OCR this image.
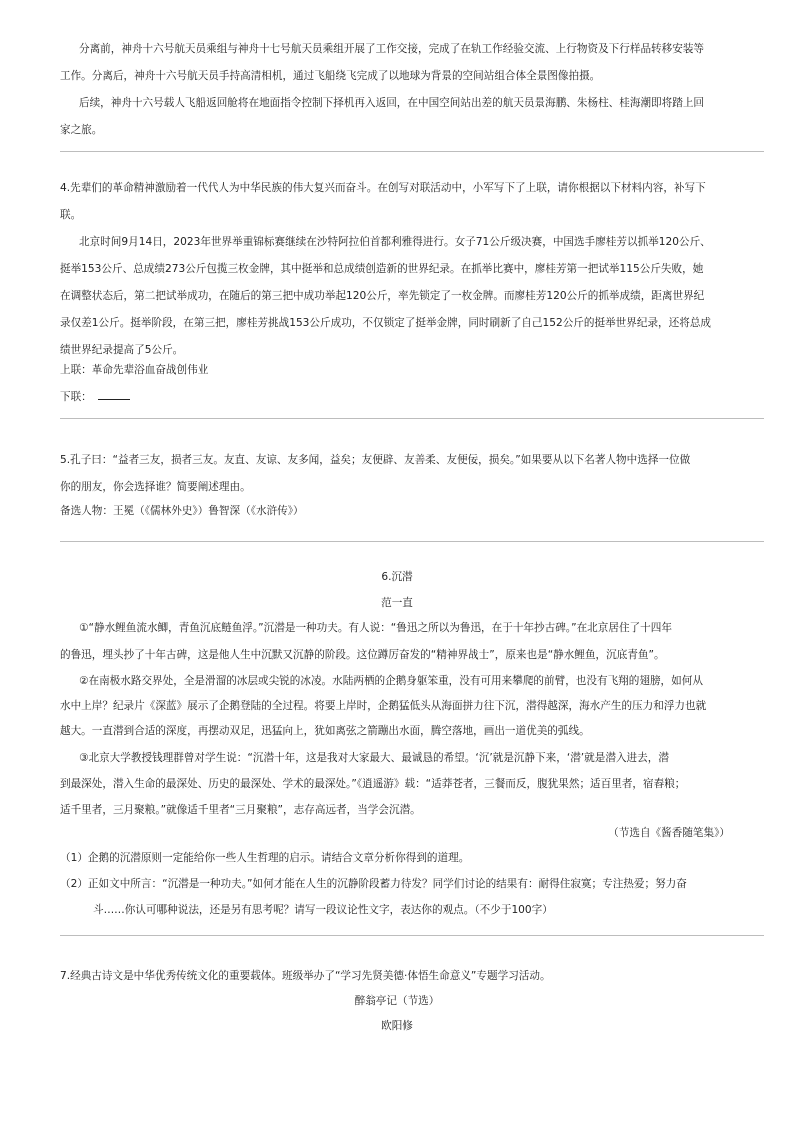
分离前，神舟十六号航天员乘组与神舟十七号航天员乘组开展了工作交接，完成了在轨工作经验交流、上行物资及下行样品转移安装等
工作。分离后，神舟十六号航天员手持高清相机，通过飞船绕飞完成了以地球为背景的空间站组合体全景图像拍摄。
后续，神舟十六号载人飞船返回舱将在地面指令控制下择机再入返回，在中国空间站出差的航天员景海鹏、朱杨柱、桂海潮即将踏上回
家之旅。
4.先辈们的革命精神激励着一代代人为中华民族的伟大复兴而奋斗。在创写对联活动中，小军写下了上联，请你根据以下材料内容，补写下
联。
北京时间9月14日，2023年世界举重锦标赛继续在沙特阿拉伯首都利雅得进行。女子71公斤级决赛，中国选手廖桂芳以抓举120公斤、
挺举153公斤、总成绩273公斤包揽三枚金牌，其中挺举和总成绩创造新的世界纪录。在抓举比赛中，廖桂芳第一把试举115公斤失败，她
在调整状态后，第二把试举成功，在随后的第三把中成功举起120公斤，率先锁定了一枚金牌。而廖桂芳120公斤的抓举成绩，距离世界纪
录仅差1公斤。挺举阶段，在第三把，廖桂芳挑战153公斤成功，不仅锁定了挺举金牌，同时刷新了自己152公斤的挺举世界纪录，还将总成
绩世界纪录提高了5公斤。
上联：革命先辈浴血奋战创伟业
下联：
5.孔子曰：“益者三友，损者三友。友直、友谅、友多闻，益矣；友便辟、友善柔、友便佞，损矣。”如果要从以下名著人物中选择一位做
你的朋友，你会选择谁？简要阐述理由。
备选人物：王冕（《儒林外史》）鲁智深（《水浒传》）
6.沉潜
范一直
①“静水鲤鱼流水鲫，青鱼沉底鲢鱼浮。”沉潜是一种功夫。有人说：“鲁迅之所以为鲁迅，在于十年抄古碑。”在北京居住了十四年
的鲁迅，埋头抄了十年古碑，这是他人生中沉默又沉静的阶段。这位蹲厉奋发的“精神界战士”，原来也是“静水鲤鱼，沉底青鱼”。
②在南极水路交界处，全是滑溜的冰层或尖锐的冰凌。水陆两栖的企鹅身躯笨重，没有可用来攀爬的前臂，也没有飞翔的翅膀，如何从
水中上岸？纪录片《深蓝》展示了企鹅登陆的全过程。将要上岸时，企鹅猛低头从海面拼力往下沉，潜得越深，海水产生的压力和浮力也就
越大。一直潜到合适的深度，再摆动双足，迅猛向上，犹如离弦之箭蹦出水面，腾空落地，画出一道优美的弧线。
③北京大学教授钱理群曾对学生说：“沉潜十年，这是我对大家最大、最诚恳的希望。‘沉’就是沉静下来，‘潜’就是潜入进去，潜
到最深处，潜入生命的最深处、历史的最深处、学术的最深处。”《逍遥游》载：“适莽苍者，三餐而反，腹犹果然；适百里者，宿舂粮；
适千里者，三月聚粮。”就像适千里者“三月聚粮”，志存高远者，当学会沉潜。
（节选自《酱香随笔集》）
（1）企鹅的沉潜原则一定能给你一些人生哲理的启示。请结合文章分析你得到的道理。
（2）正如文中所言：“沉潜是一种功夫。”如何才能在人生的沉静阶段蓄力待发？同学们讨论的结果有：耐得住寂寞；专注热爱；努力奋
斗……你认可哪种说法，还是另有思考呢？请写一段议论性文字，表达你的观点。（不少于100字）
7.经典古诗文是中华优秀传统文化的重要载体。班级举办了“学习先贤美德·体悟生命意义”专题学习活动。
醉翁亭记（节选）
欧阳修
